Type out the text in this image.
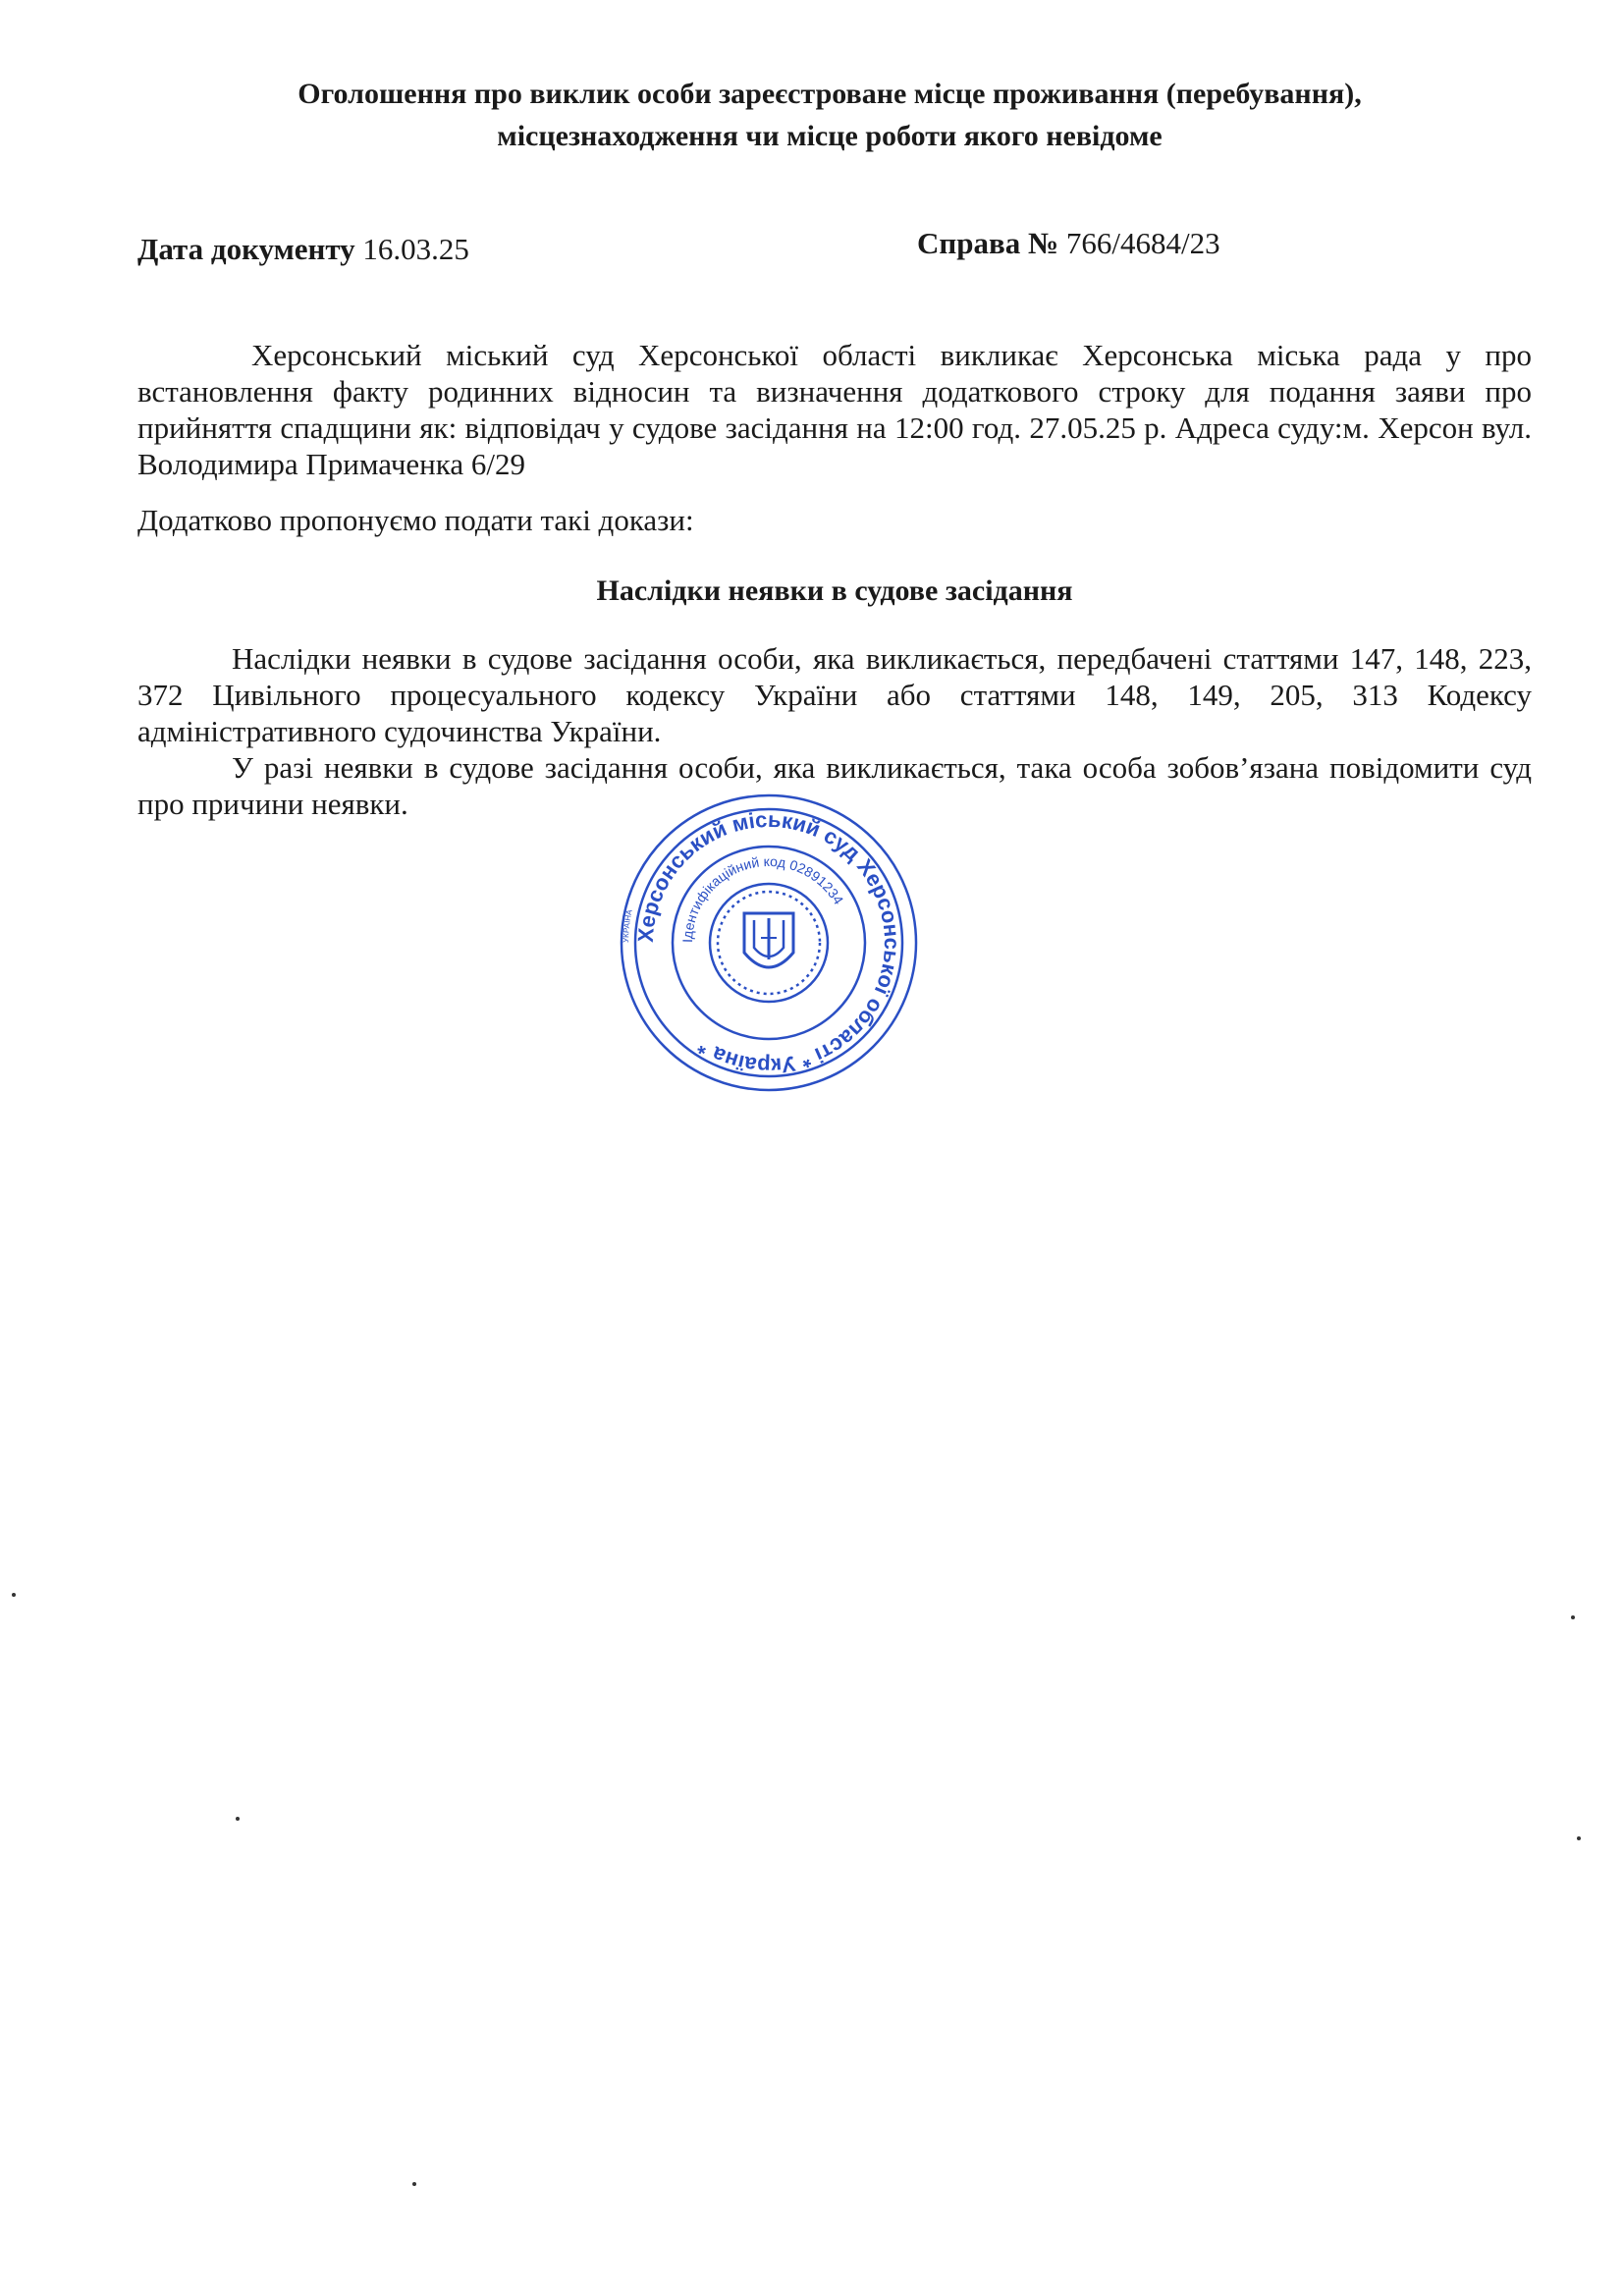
Оголошення про виклик особи зареєстроване місце проживання (перебування),
місцезнаходження чи місце роботи якого невідоме
Дата документу 16.03.25	Справа № 766/4684/23
Херсонський міський суд Херсонської області викликає Херсонська міська рада у про встановлення факту родинних відносин та визначення додаткового строку для подання заяви про прийняття спадщини як: відповідач у судове засідання на 12:00 год. 27.05.25 р. Адреса суду:м. Херсон вул. Володимира Примаченка 6/29
Додатково пропонуємо подати такі докази:
Наслідки неявки в судове засідання
Наслідки неявки в судове засідання особи, яка викликається, передбачені статтями 147, 148, 223, 372 Цивільного процесуального кодексу України або статтями 148, 149, 205, 313 Кодексу адміністративного судочинства України.
У разі неявки в судове засідання особи, яка викликається, така особа зобов’язана повідомити суд про причини неявки.
Херсонський міський суд Херсонської області * Україна *
Ідентифікаційний код 02891234
УКРАЇНА
